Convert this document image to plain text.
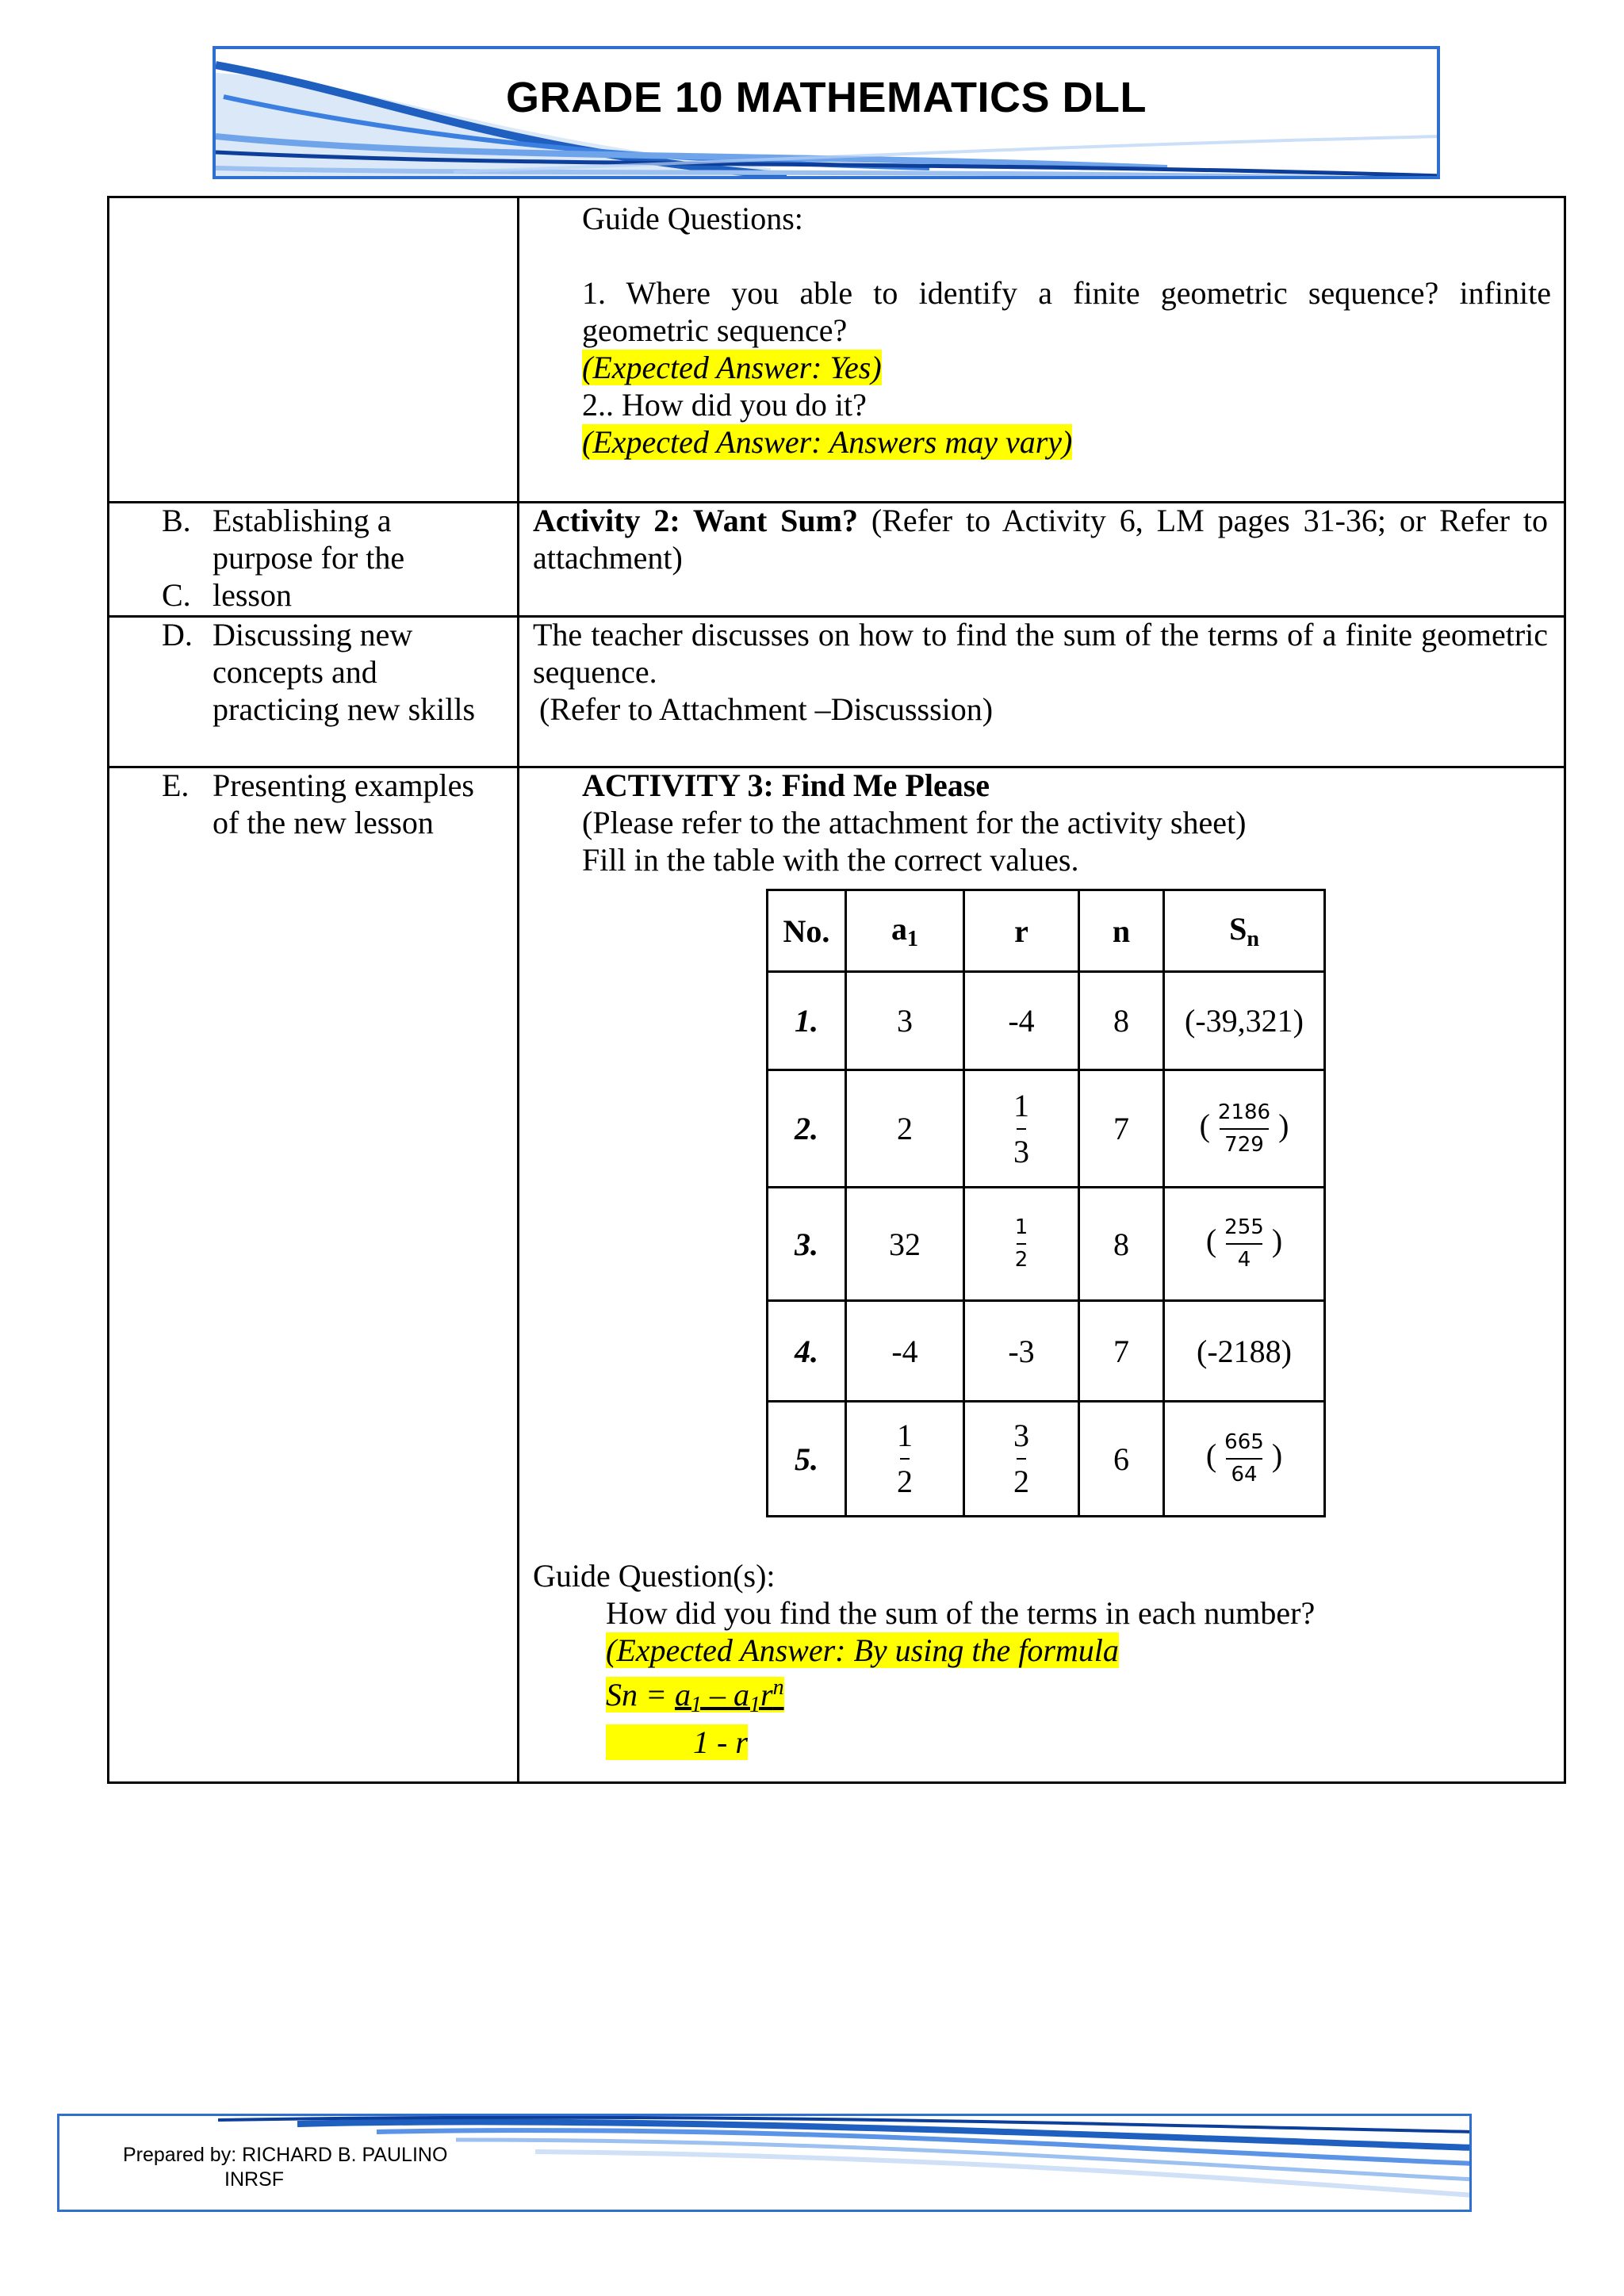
GRADE 10 MATHEMATICS DLL
Guide Questions:
1. Where you able to identify a finite geometric sequence? infinite geometric sequence?
(Expected Answer: Yes)
2.. How did you do it?
(Expected Answer: Answers may vary)
B. Establishing a purpose for the
C. lesson
Activity 2: Want Sum? (Refer to Activity 6, LM pages 31-36; or Refer to attachment)
D. Discussing new concepts and practicing new skills
The teacher discusses on how to find the sum of the terms of a finite geometric sequence.
(Refer to Attachment –Discusssion)
E. Presenting examples of the new lesson
ACTIVITY 3: Find Me Please
(Please refer to the attachment for the activity sheet)
Fill in the table with the correct values.
No.	$a_1$	r	n	$S_n$
1.	3	-4	8	(-39,321)
2.	2	$\frac{1}{3}$	7	( $\frac{2186}{729}$ )
3.	32	$\frac{1}{2}$	8	( $\frac{255}{4}$ )
4.	-4	-3	7	(-2188)
5.	$\frac{1}{2}$	$\frac{3}{2}$	6	( $\frac{665}{64}$ )
Guide Question(s):
How did you find the sum of the terms in each number?
(Expected Answer: By using the formula
$Sn = a_1 - a_1r^n$
1 - r
Prepared by: RICHARD B. PAULINO
INRSF
